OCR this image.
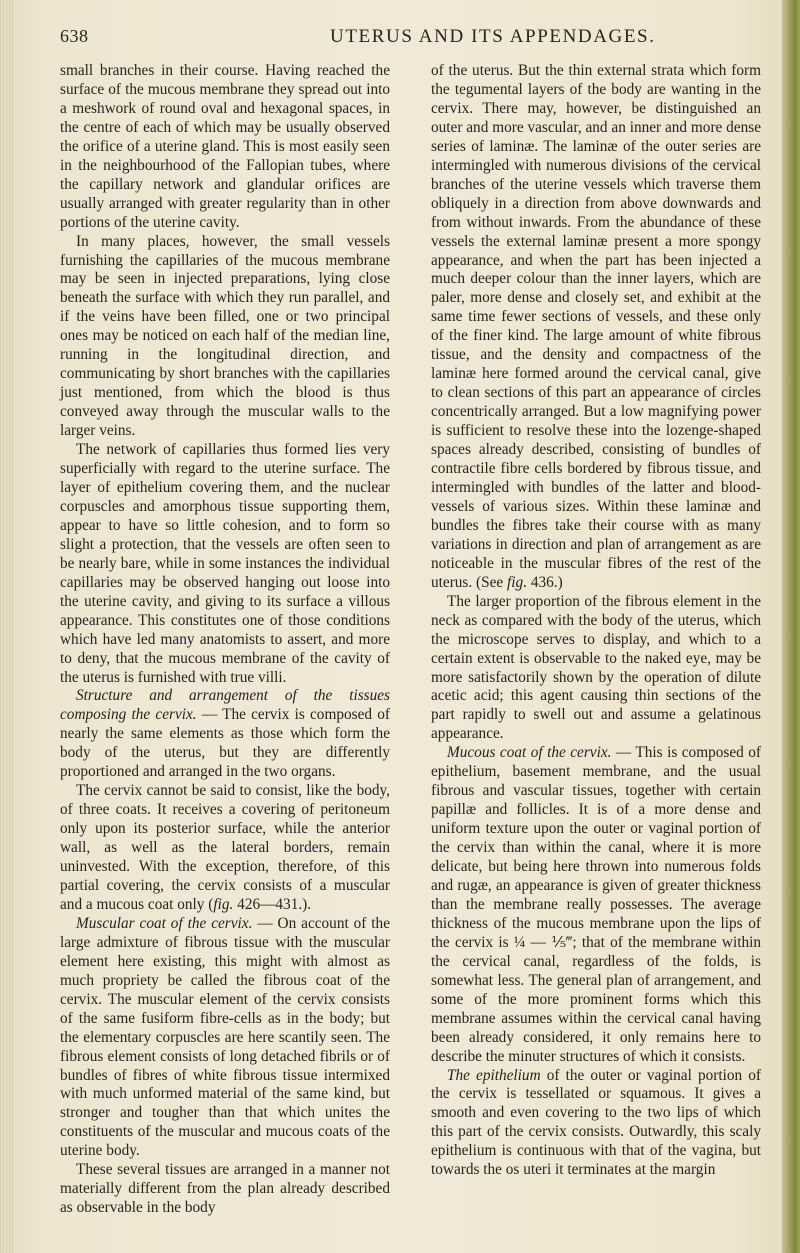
638	UTERUS AND ITS APPENDAGES.

small branches in their course. Having reached the surface of the mucous membrane they spread out into a meshwork of round oval and hexagonal spaces, in the centre of each of which may be usually observed the orifice of a uterine gland. This is most easily seen in the neighbourhood of the Fallopian tubes, where the capillary network and glandular orifices are usually arranged with greater regularity than in other portions of the uterine cavity.

In many places, however, the small vessels furnishing the capillaries of the mucous membrane may be seen in injected preparations, lying close beneath the surface with which they run parallel, and if the veins have been filled, one or two principal ones may be noticed on each half of the median line, running in the longitudinal direction, and communicating by short branches with the capillaries just mentioned, from which the blood is thus conveyed away through the muscular walls to the larger veins.

The network of capillaries thus formed lies very superficially with regard to the uterine surface. The layer of epithelium covering them, and the nuclear corpuscles and amorphous tissue supporting them, appear to have so little cohesion, and to form so slight a protection, that the vessels are often seen to be nearly bare, while in some instances the individual capillaries may be observed hanging out loose into the uterine cavity, and giving to its surface a villous appearance. This constitutes one of those conditions which have led many anatomists to assert, and more to deny, that the mucous membrane of the cavity of the uterus is furnished with true villi.

Structure and arrangement of the tissues composing the cervix. — The cervix is composed of nearly the same elements as those which form the body of the uterus, but they are differently proportioned and arranged in the two organs.

The cervix cannot be said to consist, like the body, of three coats. It receives a covering of peritoneum only upon its posterior surface, while the anterior wall, as well as the lateral borders, remain uninvested. With the exception, therefore, of this partial covering, the cervix consists of a muscular and a mucous coat only (fig. 426—431.).

Muscular coat of the cervix. — On account of the large admixture of fibrous tissue with the muscular element here existing, this might with almost as much propriety be called the fibrous coat of the cervix. The muscular element of the cervix consists of the same fusiform fibre-cells as in the body; but the elementary corpuscles are here scantily seen. The fibrous element consists of long detached fibrils or of bundles of fibres of white fibrous tissue intermixed with much unformed material of the same kind, but stronger and tougher than that which unites the constituents of the muscular and mucous coats of the uterine body.

These several tissues are arranged in a manner not materially different from the plan already described as observable in the body

of the uterus. But the thin external strata which form the tegumental layers of the body are wanting in the cervix. There may, however, be distinguished an outer and more vascular, and an inner and more dense series of laminæ. The laminæ of the outer series are intermingled with numerous divisions of the cervical branches of the uterine vessels which traverse them obliquely in a direction from above downwards and from without inwards. From the abundance of these vessels the external laminæ present a more spongy appearance, and when the part has been injected a much deeper colour than the inner layers, which are paler, more dense and closely set, and exhibit at the same time fewer sections of vessels, and these only of the finer kind. The large amount of white fibrous tissue, and the density and compactness of the laminæ here formed around the cervical canal, give to clean sections of this part an appearance of circles concentrically arranged. But a low magnifying power is sufficient to resolve these into the lozenge-shaped spaces already described, consisting of bundles of contractile fibre cells bordered by fibrous tissue, and intermingled with bundles of the latter and blood-vessels of various sizes. Within these laminæ and bundles the fibres take their course with as many variations in direction and plan of arrangement as are noticeable in the muscular fibres of the rest of the uterus. (See fig. 436.)

The larger proportion of the fibrous element in the neck as compared with the body of the uterus, which the microscope serves to display, and which to a certain extent is observable to the naked eye, may be more satisfactorily shown by the operation of dilute acetic acid; this agent causing thin sections of the part rapidly to swell out and assume a gelatinous appearance.

Mucous coat of the cervix. — This is composed of epithelium, basement membrane, and the usual fibrous and vascular tissues, together with certain papillæ and follicles. It is of a more dense and uniform texture upon the outer or vaginal portion of the cervix than within the canal, where it is more delicate, but being here thrown into numerous folds and rugæ, an appearance is given of greater thickness than the membrane really possesses. The average thickness of the mucous membrane upon the lips of the cervix is ¼ — ⅕‴; that of the membrane within the cervical canal, regardless of the folds, is somewhat less. The general plan of arrangement, and some of the more prominent forms which this membrane assumes within the cervical canal having been already considered, it only remains here to describe the minuter structures of which it consists.

The epithelium of the outer or vaginal portion of the cervix is tessellated or squamous. It gives a smooth and even covering to the two lips of which this part of the cervix consists. Outwardly, this scaly epithelium is continuous with that of the vagina, but towards the os uteri it terminates at the margin
